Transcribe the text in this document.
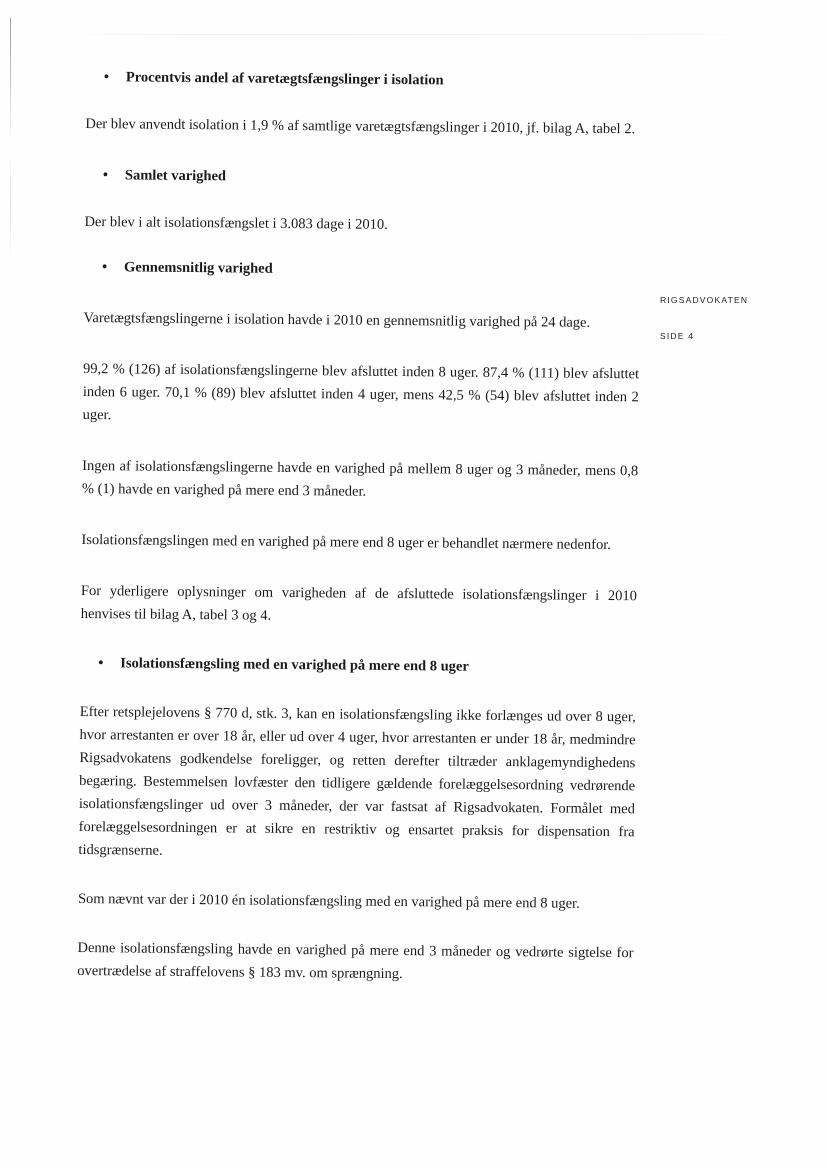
RIGSADVOKATEN
SIDE 4
•	Procentvis andel af varetægtsfængslinger i isolation

Der blev anvendt isolation i 1,9 % af samtlige varetægtsfængslinger i 2010, jf. bilag A, tabel 2.

•	Samlet varighed

Der blev i alt isolationsfængslet i 3.083 dage i 2010.

•	Gennemsnitlig varighed

Varetægtsfængslingerne i isolation havde i 2010 en gennemsnitlig varighed på 24 dage.

99,2 % (126) af isolationsfængslingerne blev afsluttet inden 8 uger. 87,4 % (111) blev afsluttet inden 6 uger. 70,1 % (89) blev afsluttet inden 4 uger, mens 42,5 % (54) blev afsluttet inden 2 uger.

Ingen af isolationsfængslingerne havde en varighed på mellem 8 uger og 3 måneder, mens 0,8 % (1) havde en varighed på mere end 3 måneder.

Isolationsfængslingen med en varighed på mere end 8 uger er behandlet nærmere nedenfor.

For yderligere oplysninger om varigheden af de afsluttede isolationsfængslinger i 2010 henvises til bilag A, tabel 3 og 4.

•	Isolationsfængsling med en varighed på mere end 8 uger

Efter retsplejelovens § 770 d, stk. 3, kan en isolationsfængsling ikke forlænges ud over 8 uger, hvor arrestanten er over 18 år, eller ud over 4 uger, hvor arrestanten er under 18 år, medmindre Rigsadvokatens godkendelse foreligger, og retten derefter tiltræder anklagemyndighedens begæring. Bestemmelsen lovfæster den tidligere gældende forelæggelsesordning vedrørende isolationsfængslinger ud over 3 måneder, der var fastsat af Rigsadvokaten. Formålet med forelæggelsesordningen er at sikre en restriktiv og ensartet praksis for dispensation fra tidsgrænserne.

Som nævnt var der i 2010 én isolationsfængsling med en varighed på mere end 8 uger.

Denne isolationsfængsling havde en varighed på mere end 3 måneder og vedrørte sigtelse for overtrædelse af straffelovens § 183 mv. om sprængning.
